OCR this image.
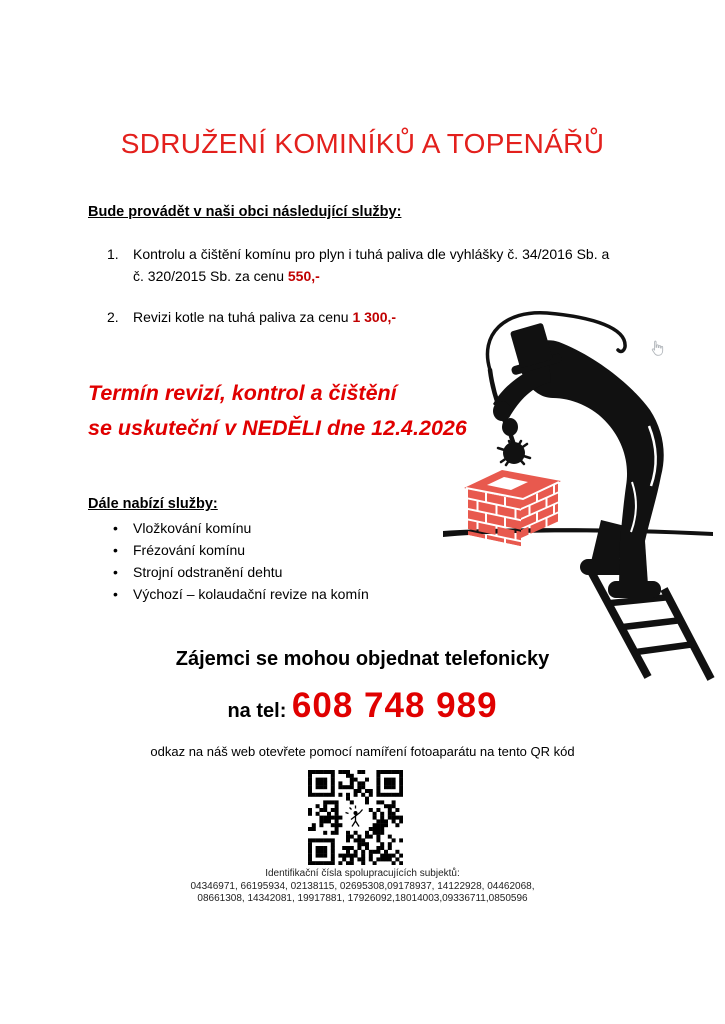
SDRUŽENÍ KOMINÍKŮ A TOPENÁŘŮ
Bude provádět v naši obci následující služby:
1.	Kontrolu a čištění komínu pro plyn i tuhá paliva dle vyhlášky č. 34/2016 Sb. a č. 320/2015 Sb. za cenu 550,-
2.	Revizi kotle na tuhá paliva za cenu 1 300,-

Termín revizí, kontrol a čištění

se uskuteční v NEDĚLI dne 12.4.2026

Dále nabízí služby:
•	Vložkování komínu
•	Frézování komínu
•	Strojní odstranění dehtu
•	Výchozí – kolaudační revize na komín
Zájemci se mohou objednat telefonicky
na tel: 608 748 989
odkaz na náš web otevřete pomocí namíření fotoaparátu na tento QR kód
Identifikační čísla spolupracujících subjektů:
04346971, 66195934, 02138115, 02695308,09178937, 14122928, 04462068,
08661308, 14342081, 19917881, 17926092,18014003,09336711,0850596
